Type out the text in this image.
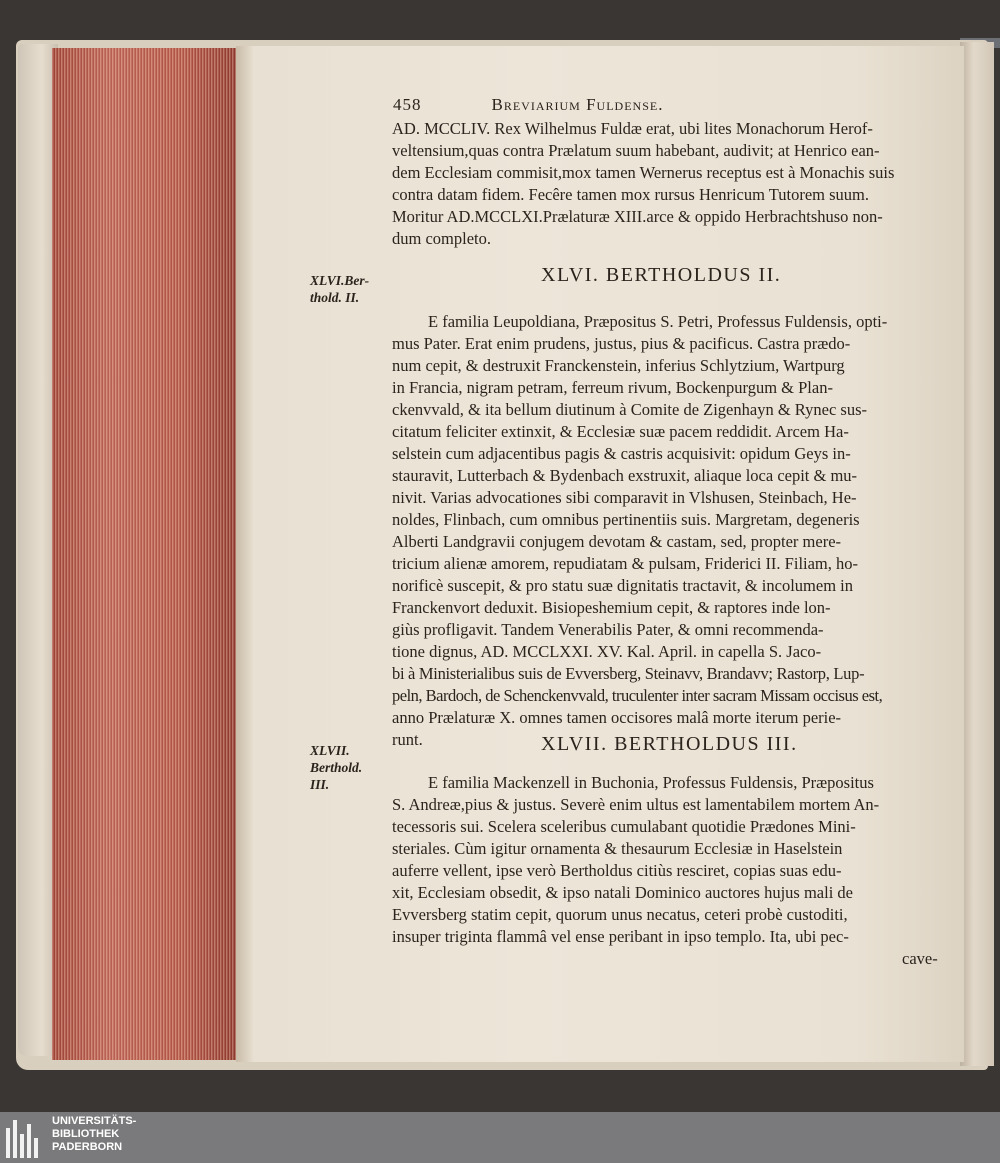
458	Breviarium Fuldense.
AD. MCCLIV. Rex Wilhelmus Fuldæ erat, ubi lites Monachorum Herof-
veltensium,quas contra Prælatum suum habebant, audivit; at Henrico ean-
dem Ecclesiam commisit,mox tamen Wernerus receptus est à Monachis suis
contra datam fidem. Fecêre tamen mox rursus Henricum Tutorem suum.
Moritur AD.MCCLXI.Prælaturæ XIII.arce & oppido Herbrachtshuso non-
dum completo.
XLVI.Ber-
thold. II.
XLVI. BERTHOLDUS II.
E familia Leupoldiana, Præpositus S. Petri, Professus Fuldensis, opti-
mus Pater. Erat enim prudens, justus, pius & pacificus. Castra prædo-
num cepit, & destruxit Franckenstein, inferius Schlytzium, Wartpurg
in Francia, nigram petram, ferreum rivum, Bockenpurgum & Plan-
ckenvvald, & ita bellum diutinum à Comite de Zigenhayn & Rynec sus-
citatum feliciter extinxit, & Ecclesiæ suæ pacem reddidit. Arcem Ha-
selstein cum adjacentibus pagis & castris acquisivit: opidum Geys in-
stauravit, Lutterbach & Bydenbach exstruxit, aliaque loca cepit & mu-
nivit. Varias advocationes sibi comparavit in Vlshusen, Steinbach, He-
noldes, Flinbach, cum omnibus pertinentiis suis. Margretam, degeneris
Alberti Landgravii conjugem devotam & castam, sed, propter mere-
tricium alienæ amorem, repudiatam & pulsam, Friderici II. Filiam, ho-
norificè suscepit, & pro statu suæ dignitatis tractavit, & incolumem in
Franckenvort deduxit. Bisiopeshemium cepit, & raptores inde lon-
giùs profligavit. Tandem Venerabilis Pater, & omni recommenda-
tione dignus, AD. MCCLXXI. XV. Kal. April. in capella S. Jaco-
bi à Ministerialibus suis de Evversberg, Steinavv, Brandavv; Rastorp, Lup-
peln, Bardoch, de Schenckenvvald, truculenter inter sacram Missam occisus est,
anno Prælaturæ X. omnes tamen occisores malâ morte iterum perie-
runt.
XLVII.
Berthold.
III.
XLVII. BERTHOLDUS III.
E familia Mackenzell in Buchonia, Professus Fuldensis, Præpositus
S. Andreæ,pius & justus. Severè enim ultus est lamentabilem mortem An-
tecessoris sui. Scelera sceleribus cumulabant quotidie Prædones Mini-
steriales. Cùm igitur ornamenta & thesaurum Ecclesiæ in Haselstein
auferre vellent, ipse verò Bertholdus citiùs resciret, copias suas edu-
xit, Ecclesiam obsedit, & ipso natali Dominico auctores hujus mali de
Evversberg statim cepit, quorum unus necatus, ceteri probè custoditi,
insuper triginta flammâ vel ense peribant in ipso templo. Ita, ubi pec-
cave-
UNIVERSITÄTS-
BIBLIOTHEK
PADERBORN
